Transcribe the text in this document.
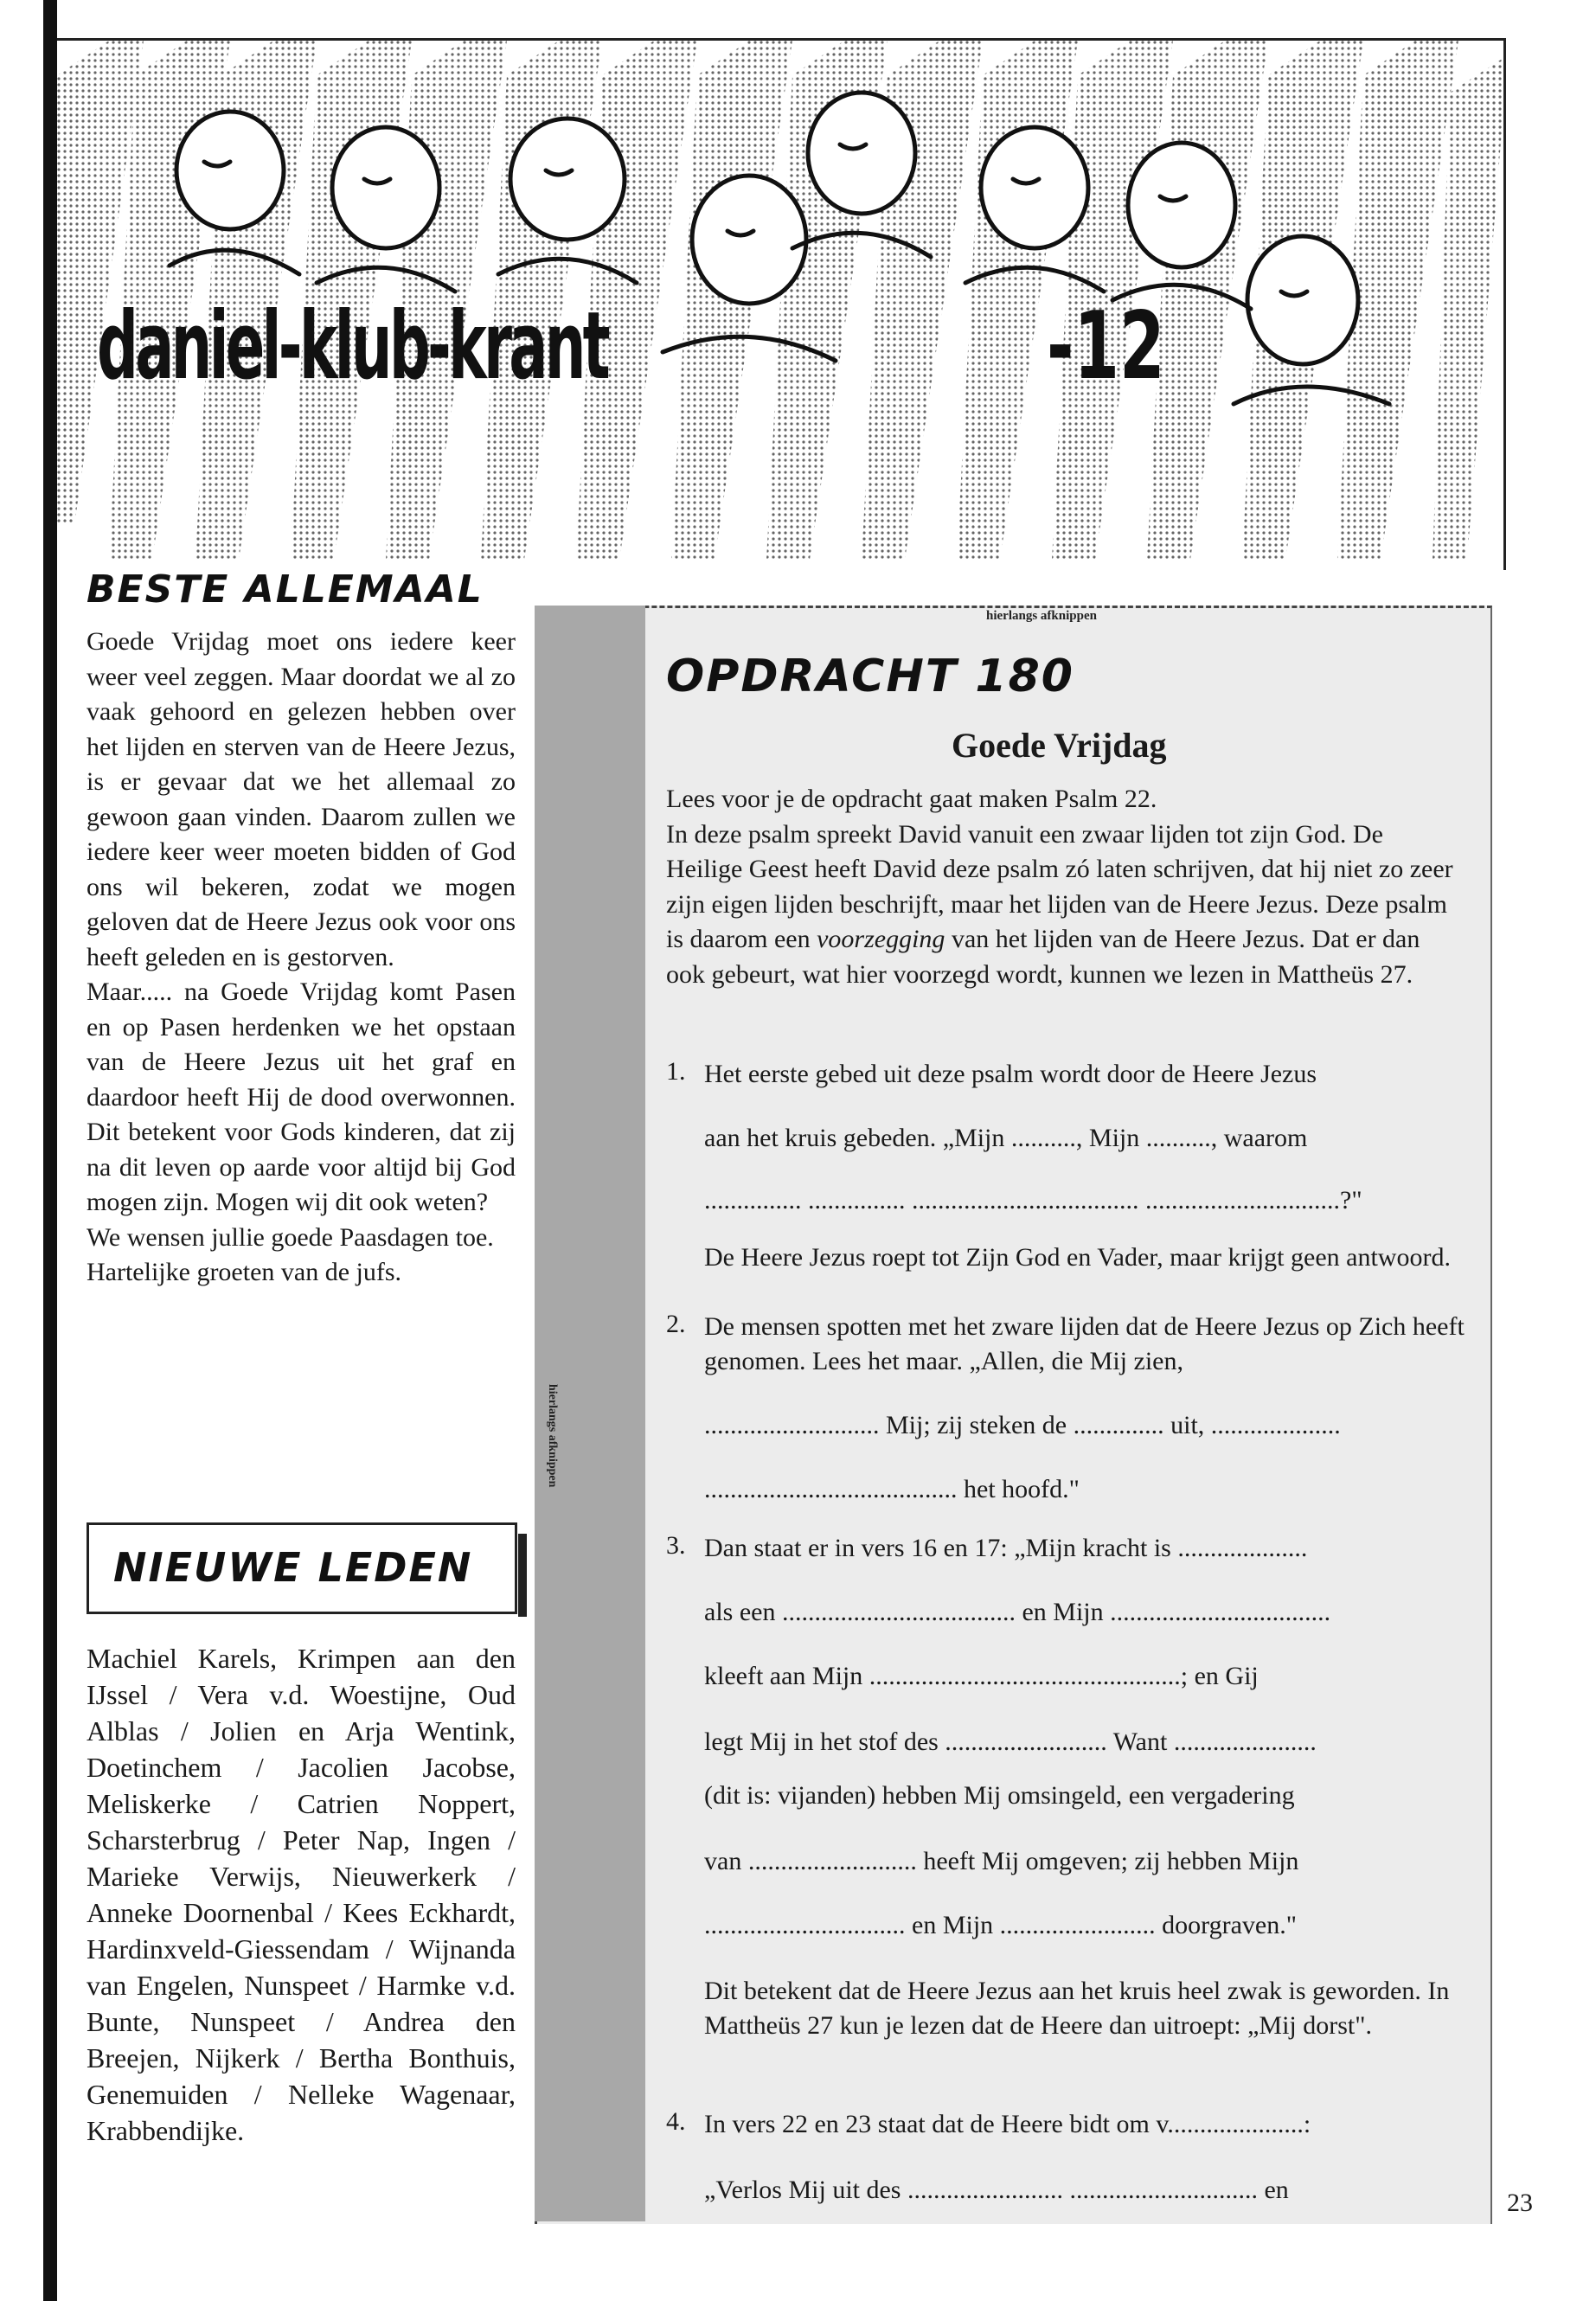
daniel-klub-krant	-12
BESTE ALLEMAAL

Goede Vrijdag moet ons iedere keer weer veel zeggen. Maar doordat we al zo vaak gehoord en gelezen hebben over het lijden en sterven van de Heere Jezus, is er gevaar dat we het allemaal zo gewoon gaan vinden. Daarom zullen we iedere keer weer moeten bidden of God ons wil bekeren, zodat we mogen geloven dat de Heere Jezus ook voor ons heeft geleden en is gestorven.

Maar..... na Goede Vrijdag komt Pasen en op Pasen herdenken we het opstaan van de Heere Jezus uit het graf en daardoor heeft Hij de dood overwonnen. Dit betekent voor Gods kinderen, dat zij na dit leven op aarde voor altijd bij God mogen zijn. Mogen wij dit ook weten?

We wensen jullie goede Paasdagen toe.

Hartelijke groeten van de jufs.

NIEUWE LEDEN
Machiel Karels, Krimpen aan den IJssel / Vera v.d. Woestijne, Oud Alblas / Jolien en Arja Wentink, Doetinchem / Jacolien Jacobse, Meliskerke / Catrien Noppert, Scharsterbrug / Peter Nap, Ingen / Marieke Verwijs, Nieuwerkerk / Anneke Doornenbal / Kees Eckhardt, Hardinxveld-Giessendam / Wijnanda van Engelen, Nunspeet / Harmke v.d. Bunte, Nunspeet / Andrea den Breejen, Nijkerk / Bertha Bonthuis, Genemuiden / Nelleke Wagenaar, Krabbendijke.
hierlangs afknippen
hierlangs afknippen
OPDRACHT 180
Goede Vrijdag
Lees voor je de opdracht gaat maken Psalm 22.
In deze psalm spreekt David vanuit een zwaar lijden tot zijn God. De Heilige Geest heeft David deze psalm zó laten schrijven, dat hij niet zo zeer zijn eigen lijden beschrijft, maar het lijden van de Heere Jezus. Deze psalm is daarom een voorzegging van het lijden van de Heere Jezus. Dat er dan ook gebeurt, wat hier voorzegd wordt, kunnen we lezen in Mattheüs 27.
1. Het eerste gebed uit deze psalm wordt door de Heere Jezus
aan het kruis gebeden. „Mijn .........., Mijn .........., waarom
............... ............... ................................... ..............................?"
De Heere Jezus roept tot Zijn God en Vader, maar krijgt geen antwoord.
2. De mensen spotten met het zware lijden dat de Heere Jezus op Zich heeft genomen. Lees het maar. „Allen, die Mij zien,
........................... Mij; zij steken de .............. uit, ....................
....................................... het hoofd."
3. Dan staat er in vers 16 en 17: „Mijn kracht is ....................
als een .................................... en Mijn ..................................
kleeft aan Mijn ................................................; en Gij
legt Mij in het stof des ......................... Want ......................
(dit is: vijanden) hebben Mij omsingeld, een vergadering
van .......................... heeft Mij omgeven; zij hebben Mijn
............................... en Mijn ........................ doorgraven."
Dit betekent dat de Heere Jezus aan het kruis heel zwak is geworden. In Mattheüs 27 kun je lezen dat de Heere dan uitroept: „Mij dorst".
4. In vers 22 en 23 staat dat de Heere bidt om v.....................:
„Verlos Mij uit des ........................ ............................. en	23
